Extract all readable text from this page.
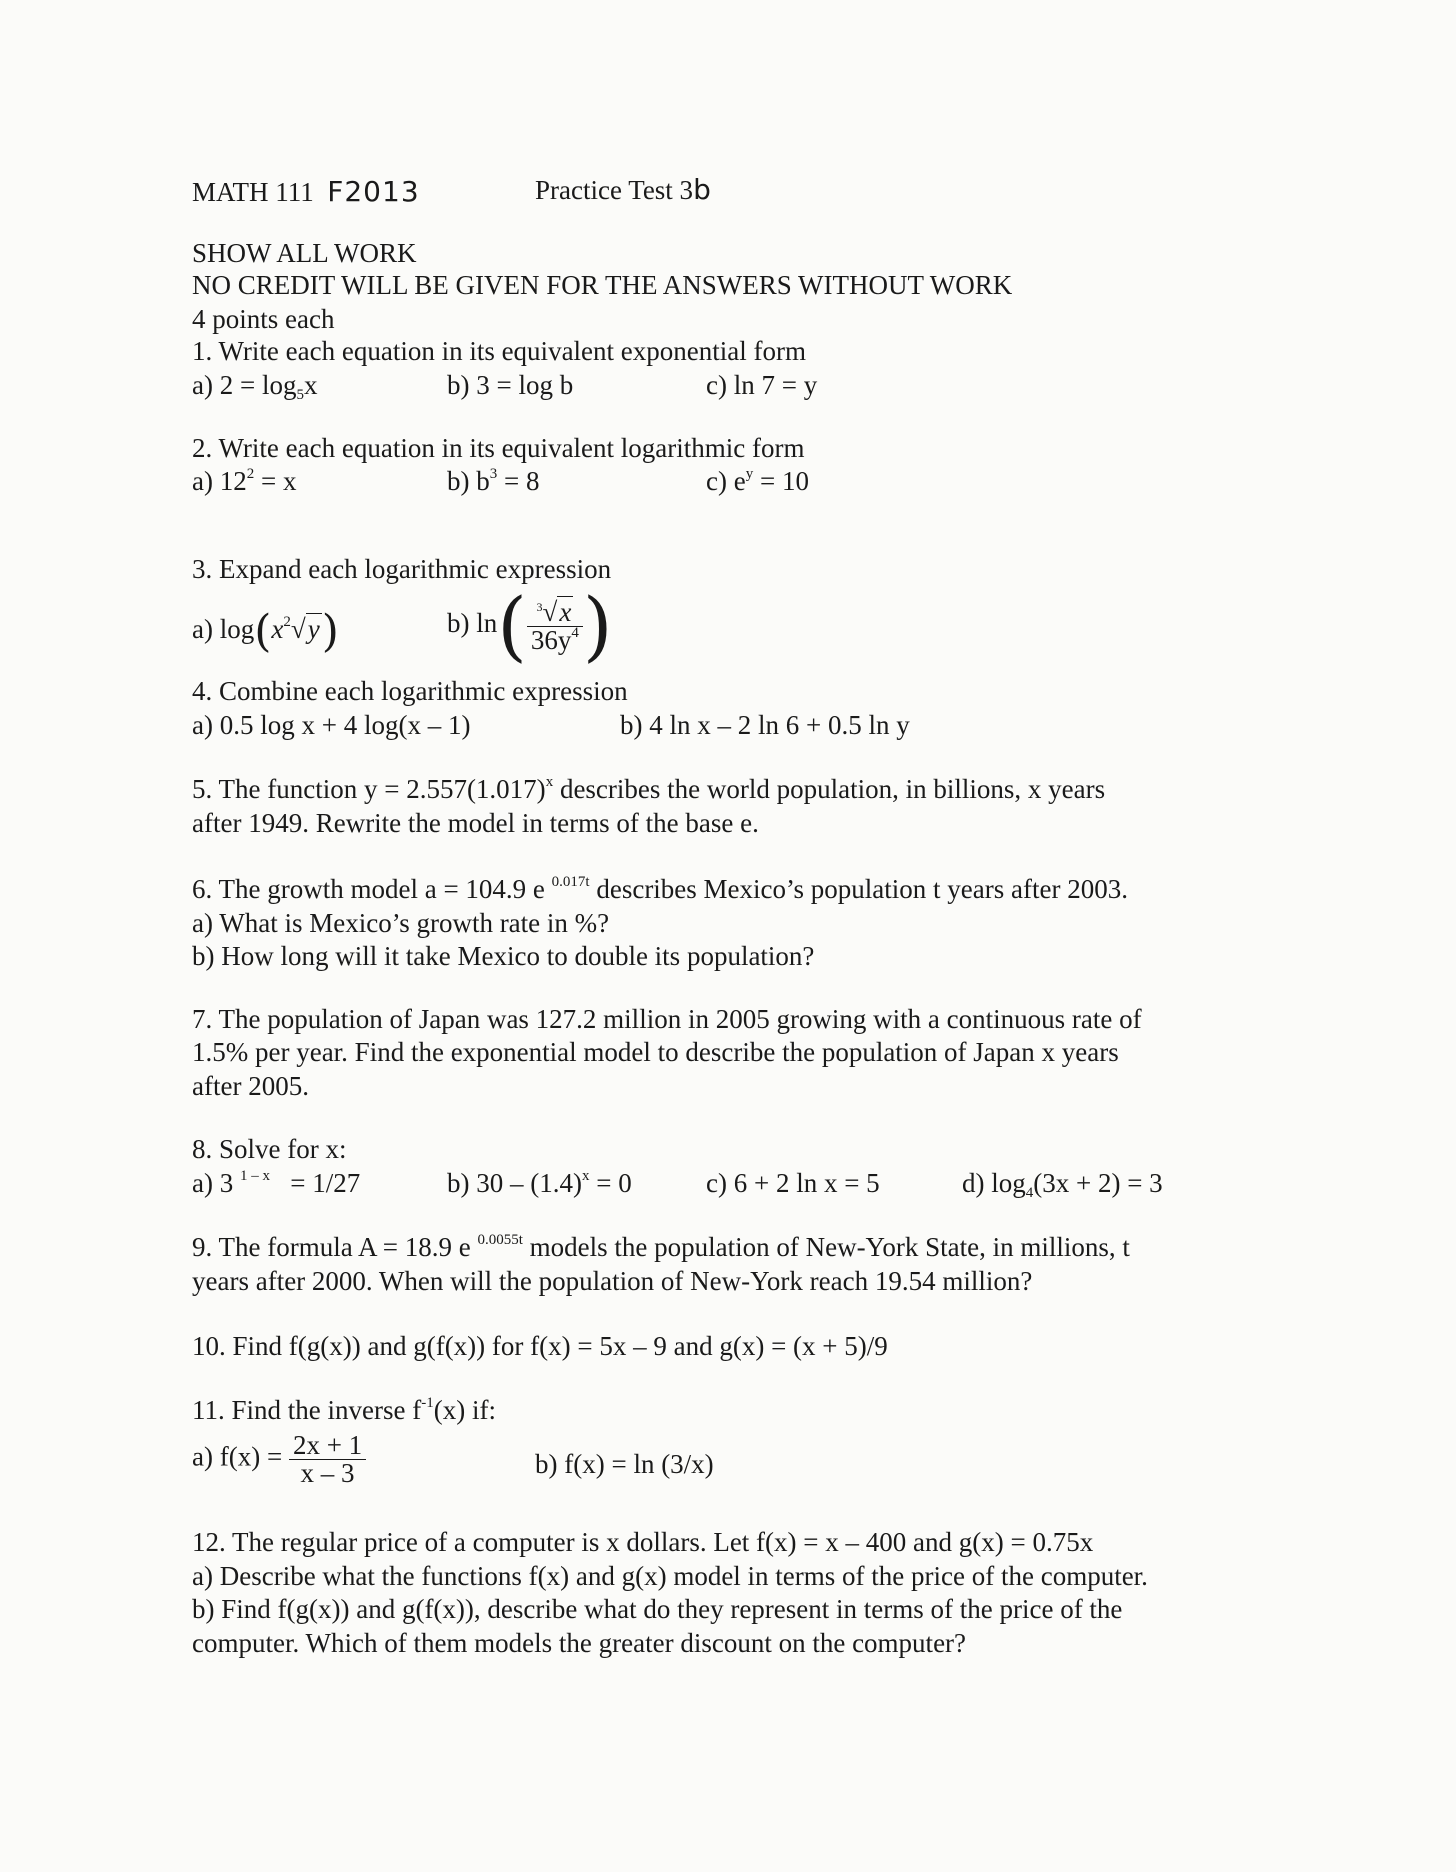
MATH 111 F2013	Practice Test 3b
SHOW ALL WORK
NO CREDIT WILL BE GIVEN FOR THE ANSWERS WITHOUT WORK
4 points each
1. Write each equation in its equivalent exponential form
a) 2 = log5x	b) 3 = log b	c) ln 7 = y
2. Write each equation in its equivalent logarithmic form
a) $12^2 = x$	b) $b^3 = 8$	c) $e^y = 10$
3. Expand each logarithmic expression
a) $\log(x^2√y)$	b) $\ln( \frac{^3√x}{36y^4}$ )
4. Combine each logarithmic expression
a) 0.5 log x + 4 log(x – 1)	b) 4 ln x – 2 ln 6 + 0.5 ln y
5. The function $y = 2.557(1.017)^x$ describes the world population, in billions, x years
after 1949. Rewrite the model in terms of the base e.
6. The growth model a = 104.9 e $^{0.017t}$ describes Mexico’s population t years after 2003.
a) What is Mexico’s growth rate in %?
b) How long will it take Mexico to double its population?
7. The population of Japan was 127.2 million in 2005 growing with a continuous rate of
1.5% per year. Find the exponential model to describe the population of Japan x years
after 2005.
8. Solve for x:
a) 3 $^{1 - x}$ = 1/27	b) $30 - (1.4)^x = 0$	c) 6 + 2 ln x = 5	d) log4(3x + 2) = 3
9. The formula A = 18.9 e $^{0.0055t}$ models the population of New-York State, in millions, t
years after 2000. When will the population of New-York reach 19.54 million?
10. Find f(g(x)) and g(f(x)) for f(x) = 5x – 9 and g(x) = (x + 5)/9
11. Find the inverse $f^{-1}(x)$ if:
a) $f(x) = \frac{2x + 1}{x - 3}$	b) f(x) = ln (3/x)
12. The regular price of a computer is x dollars. Let f(x) = x – 400 and g(x) = 0.75x
a) Describe what the functions f(x) and g(x) model in terms of the price of the computer.
b) Find f(g(x)) and g(f(x)), describe what do they represent in terms of the price of the
computer. Which of them models the greater discount on the computer?
